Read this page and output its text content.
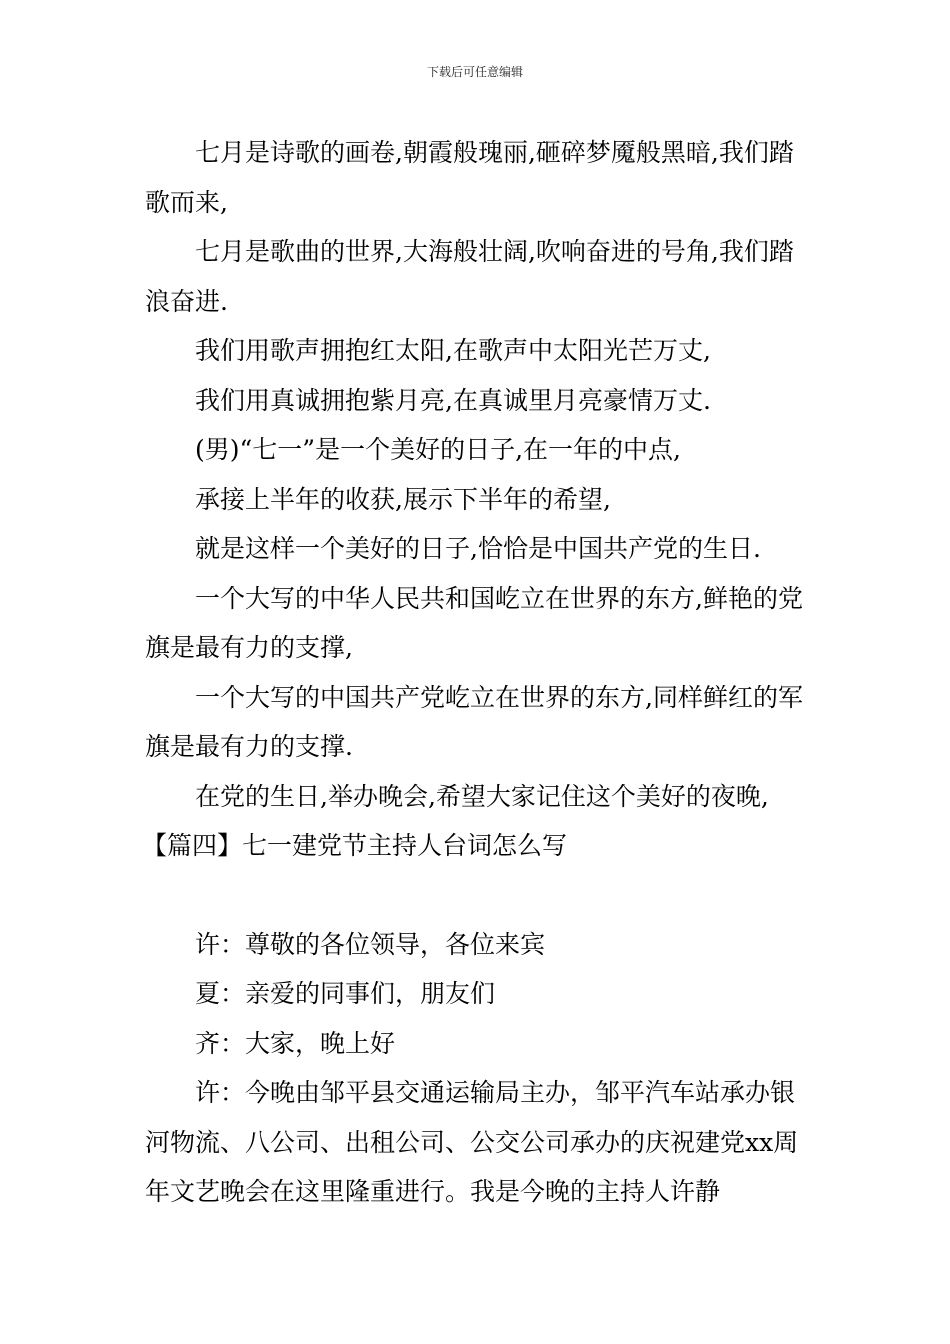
下载后可任意编辑

七月是诗歌的画卷,朝霞般瑰丽,砸碎梦魇般黑暗,我们踏歌而来,

七月是歌曲的世界,大海般壮阔,吹响奋进的号角,我们踏浪奋进.

我们用歌声拥抱红太阳,在歌声中太阳光芒万丈,

我们用真诚拥抱紫月亮,在真诚里月亮豪情万丈.

(男)“七一”是一个美好的日子,在一年的中点,

承接上半年的收获,展示下半年的希望,

就是这样一个美好的日子,恰恰是中国共产党的生日.

一个大写的中华人民共和国屹立在世界的东方,鲜艳的党旗是最有力的支撑,

一个大写的中国共产党屹立在世界的东方,同样鲜红的军旗是最有力的支撑.

在党的生日,举办晚会,希望大家记住这个美好的夜晚,

【篇四】七一建党节主持人台词怎么写

许：尊敬的各位领导，各位来宾

夏：亲爱的同事们，朋友们

齐：大家，晚上好

许：今晚由邹平县交通运输局主办，邹平汽车站承办银河物流、八公司、出租公司、公交公司承办的庆祝建党xx周年文艺晚会在这里隆重进行。我是今晚的主持人许静
